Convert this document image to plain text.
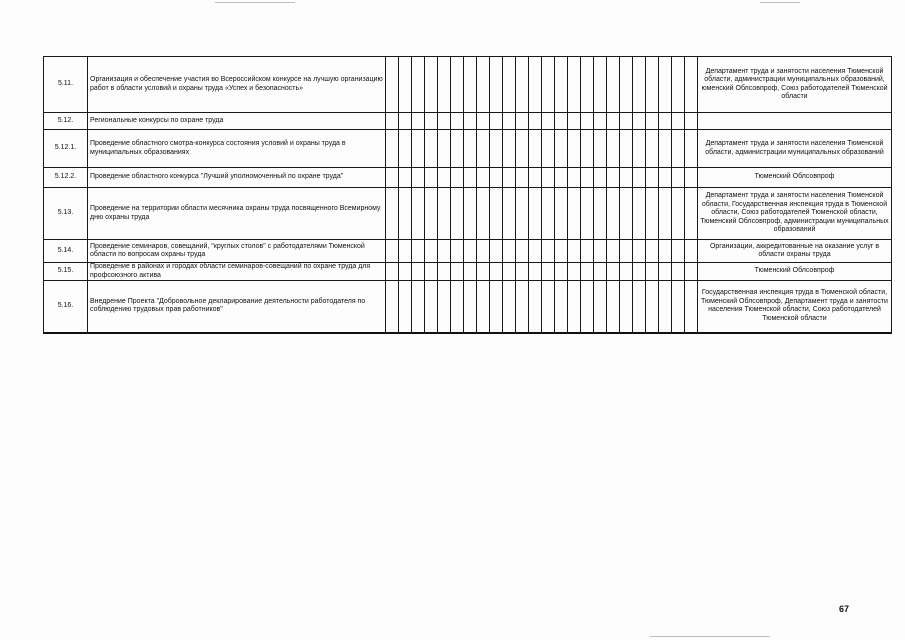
5.11.	Организация и обеспечение участия во Всероссийском конкурсе на лучшую организацию работ в области условий и охраны труда «Успех и безопасность»																									Департамент труда и занятости населения Тюменской области, администрации муниципальных образований, юменский Облсовпроф, Союз работодателей Тюменской области
5.12.	Региональные конкурсы по охране труда																									
5.12.1.	Проведение областного смотра-конкурса состояния условий и охраны труда в муниципальных образованиях																									Департамент труда и занятости населения Тюменской области, администрации муниципальных образований
5.12.2.	Проведение областного конкурса "Лучший уполномоченный по охране труда"																									Тюменский Облсовпроф
5.13.	Проведение на территории области месячника охраны труда посвященного Всемирному дню охраны труда																									Департамент труда и занятости населения Тюменской области, Государственная инспекция труда в Тюменской области, Союз работодателей Тюменской области, Тюменский Облсовпроф, администрации муниципальных образований
5.14.	Проведение семинаров, совещаний, "круглых столов" с работодателями Тюменской области по вопросам охраны труда																									Организации, аккредитованные на оказание услуг в области охраны труда
5.15.	Проведение в районах и городах области семинаров-совещаний по охране труда для профсоюзного актива																									Тюменский Облсовпроф
5.16.	Внедрение Проекта "Добровольное декларирование деятельности работодателя по соблюдению трудовых прав работников"																									Государственная инспекция труда в Тюменской области, Тюменский Облсовпроф, Департамент труда и занятости населения Тюменской области, Союз работодателей Тюменской области
67
